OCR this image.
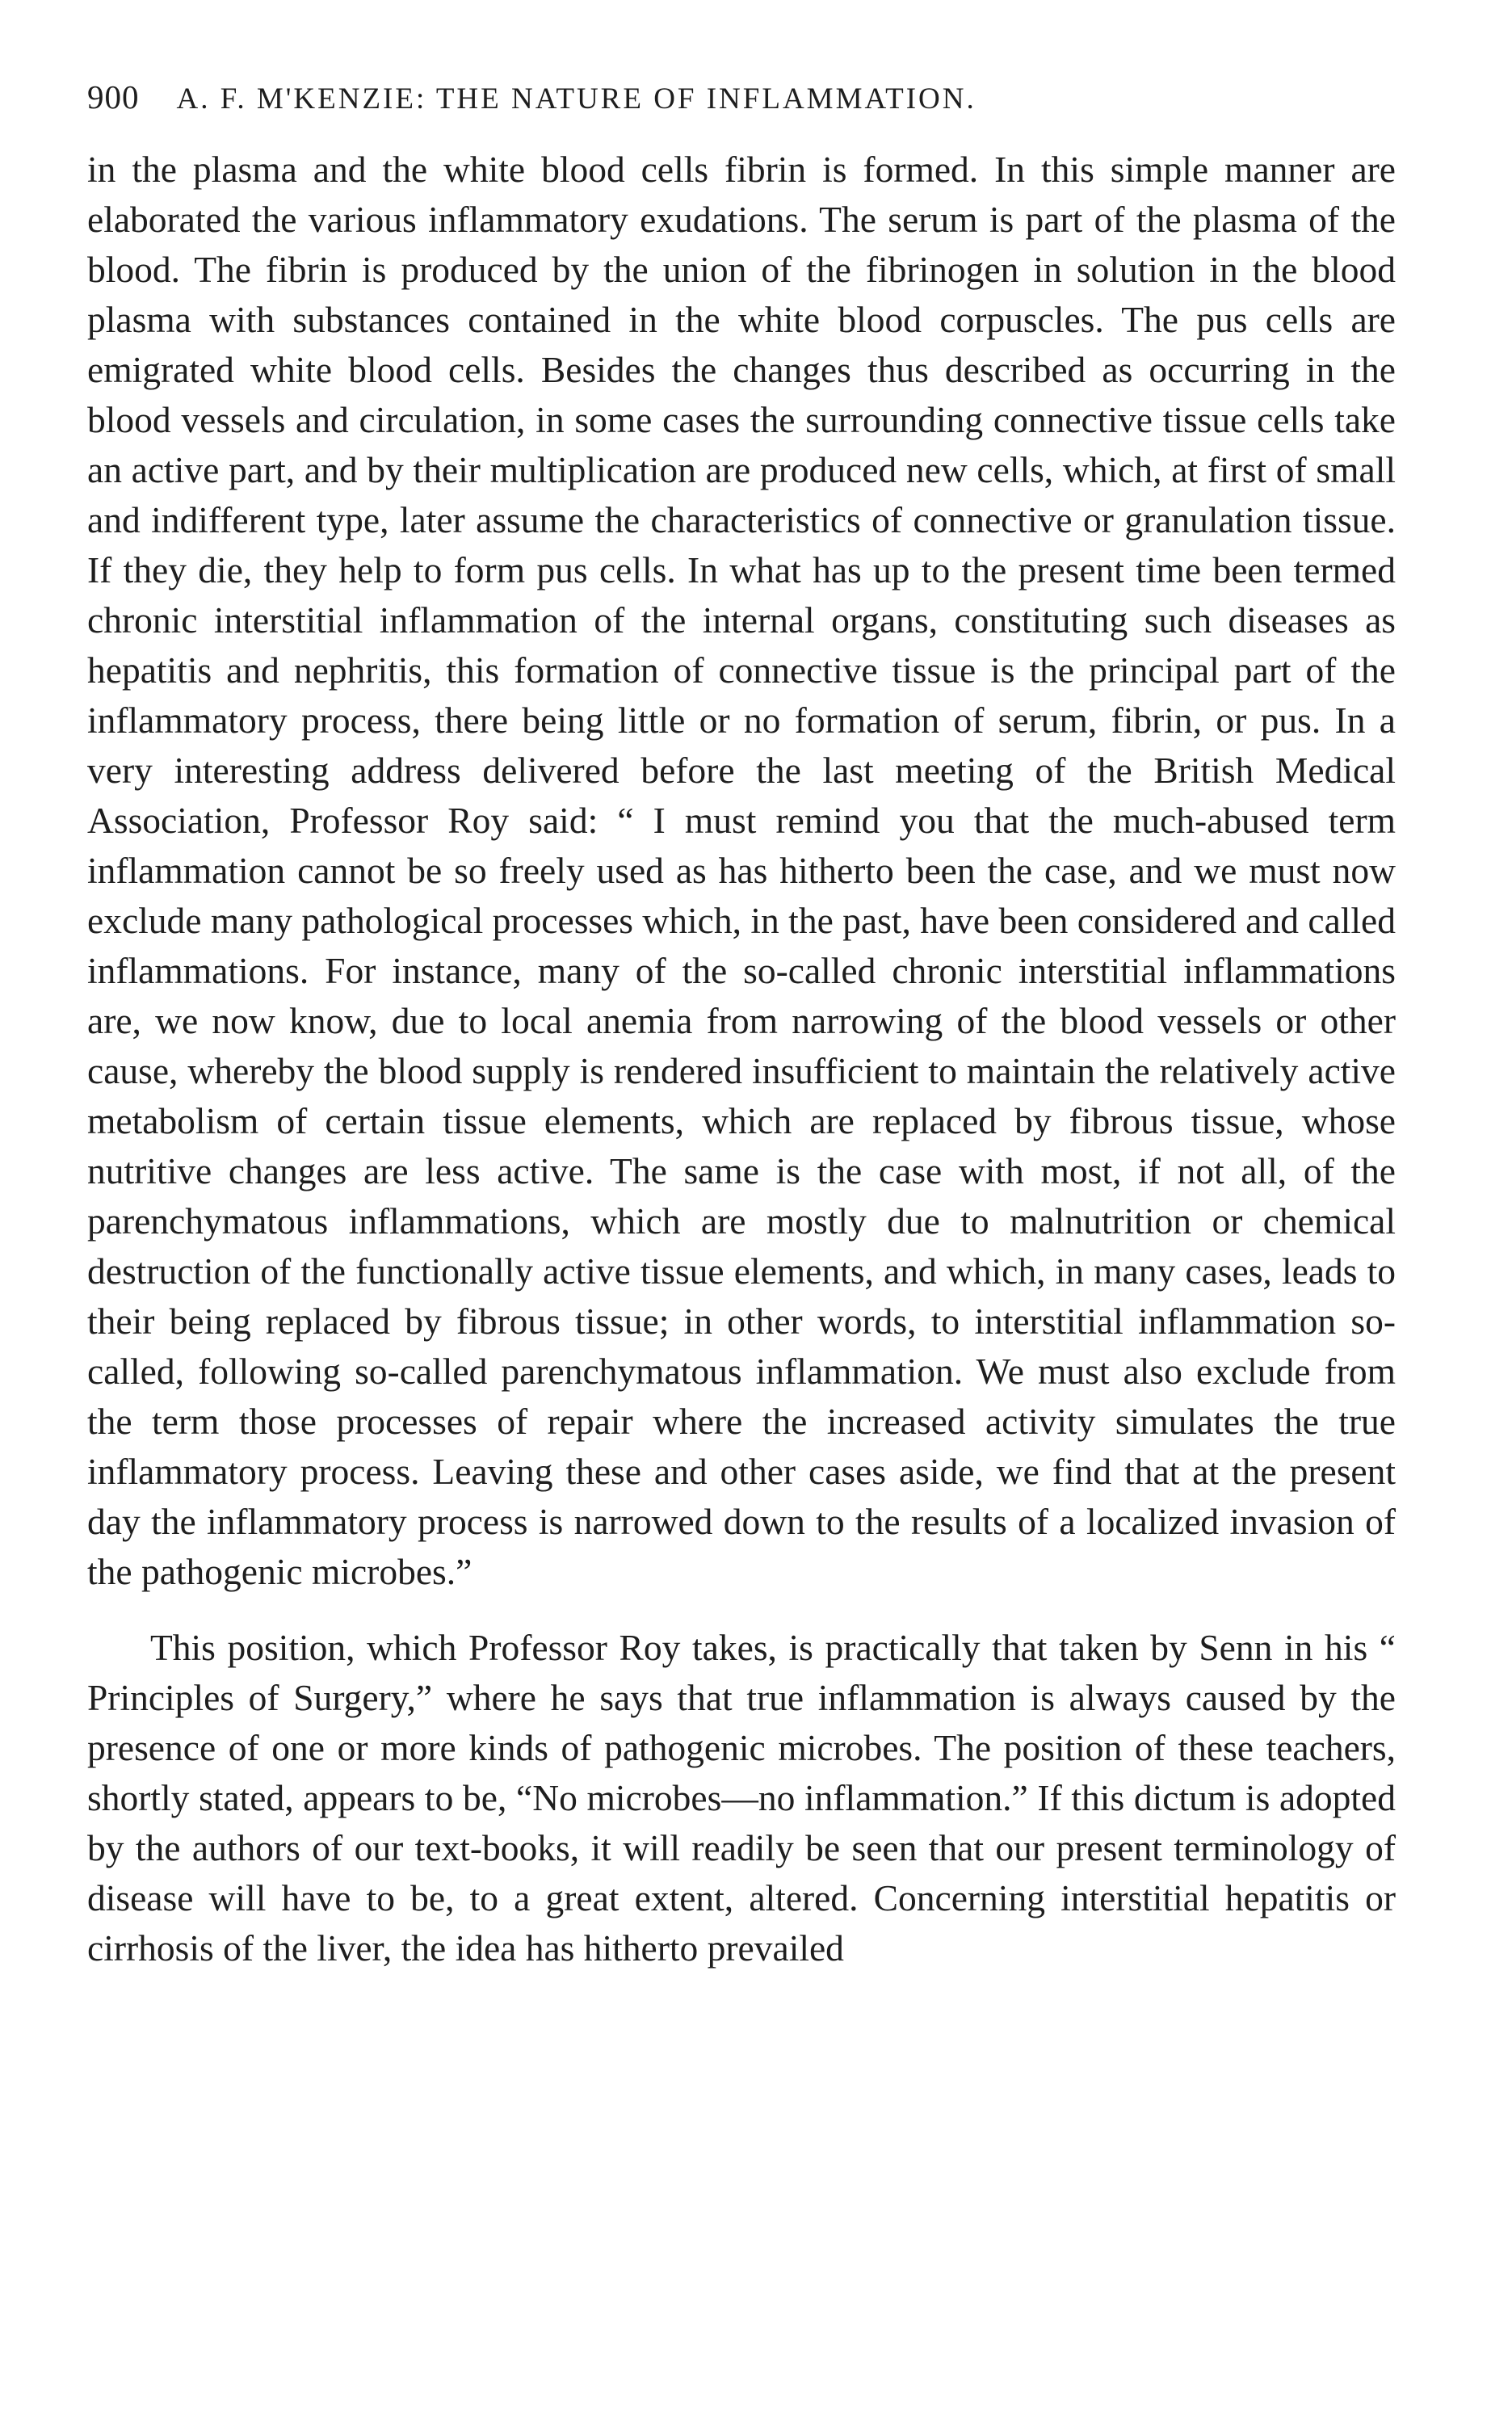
900 A. F. M'KENZIE: THE NATURE OF INFLAMMATION.

in the plasma and the white blood cells fibrin is formed. In this simple manner are elaborated the various inflammatory exudations. The serum is part of the plasma of the blood. The fibrin is produced by the union of the fibrinogen in solution in the blood plasma with substances contained in the white blood corpuscles. The pus cells are emigrated white blood cells. Besides the changes thus described as occurring in the blood vessels and circulation, in some cases the surrounding connective tissue cells take an active part, and by their multiplication are produced new cells, which, at first of small and indifferent type, later assume the characteristics of connective or granulation tissue. If they die, they help to form pus cells. In what has up to the present time been termed chronic interstitial inflammation of the internal organs, constituting such diseases as hepatitis and nephritis, this formation of connective tissue is the principal part of the inflammatory process, there being little or no formation of serum, fibrin, or pus. In a very interesting address delivered before the last meeting of the British Medical Association, Professor Roy said: “ I must remind you that the much-abused term inflammation cannot be so freely used as has hitherto been the case, and we must now exclude many pathological processes which, in the past, have been considered and called inflammations. For instance, many of the so-called chronic interstitial inflammations are, we now know, due to local anemia from narrowing of the blood vessels or other cause, whereby the blood supply is rendered insufficient to maintain the relatively active metabolism of certain tissue elements, which are replaced by fibrous tissue, whose nutritive changes are less active. The same is the case with most, if not all, of the parenchymatous inflammations, which are mostly due to malnutrition or chemical destruction of the functionally active tissue elements, and which, in many cases, leads to their being replaced by fibrous tissue; in other words, to interstitial inflammation so-called, following so-called parenchymatous inflammation. We must also exclude from the term those processes of repair where the increased activity simulates the true inflammatory process. Leaving these and other cases aside, we find that at the present day the inflammatory process is narrowed down to the results of a localized invasion of the pathogenic microbes.”

This position, which Professor Roy takes, is practically that taken by Senn in his “ Principles of Surgery,” where he says that true inflammation is always caused by the presence of one or more kinds of pathogenic microbes. The position of these teachers, shortly stated, appears to be, “No microbes—no inflammation.” If this dictum is adopted by the authors of our text-books, it will readily be seen that our present terminology of disease will have to be, to a great extent, altered. Concerning interstitial hepatitis or cirrhosis of the liver, the idea has hitherto prevailed
